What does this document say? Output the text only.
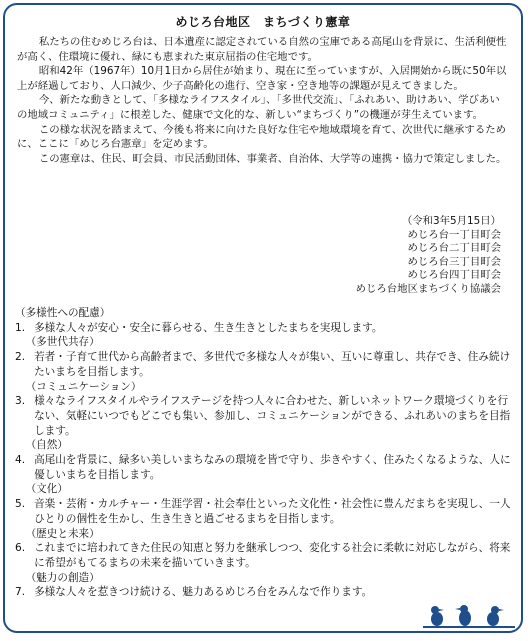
めじろ台地区　まちづくり憲章

私たちの住むめじろ台は、日本遺産に認定されている自然の宝庫である高尾山を背景に、生活利便性が高く、住環境に優れ、緑にも恵まれた東京屈指の住宅地です。

昭和42年（1967年）10月1日から居住が始まり、現在に至っていますが、入居開始から既に50年以上が経過しており、人口減少、少子高齢化の進行、空き家・空き地等の課題が見えてきました。

今、新たな動きとして、「多様なライフスタイル」、「多世代交流」、「ふれあい、助けあい、学びあいの地域コミュニティ」に根差した、健康で文化的な、新しい“まちづくり”の機運が芽生えています。

この様な状況を踏まえて、今後も将来に向けた良好な住宅や地域環境を育て、次世代に継承するために、ここに「めじろ台憲章」を定めます。

この憲章は、住民、町会員、市民活動団体、事業者、自治体、大学等の連携・協力で策定しました。

（令和3年5月15日）
めじろ台一丁目町会
めじろ台二丁目町会
めじろ台三丁目町会
めじろ台四丁目町会
めじろ台地区まちづくり協議会
（多様性への配慮）
1. 多様な人々が安心・安全に暮らせる、生き生きとしたまちを実現します。
（多世代共存）
2. 若者・子育て世代から高齢者まで、多世代で多様な人々が集い、互いに尊重し、共存でき、住み続けたいまちを目指します。
（コミュニケーション）
3. 様々なライフスタイルやライフステージを持つ人々に合わせた、新しいネットワーク環境づくりを行ない、気軽にいつでもどこでも集い、参加し、コミュニケーションができる、ふれあいのまちを目指します。
（自然）
4. 高尾山を背景に、緑多い美しいまちなみの環境を皆で守り、歩きやすく、住みたくなるような、人に優しいまちを目指します。
（文化）
5. 音楽・芸術・カルチャー・生涯学習・社会奉仕といった文化性・社会性に豊んだまちを実現し、一人ひとりの個性を生かし、生き生きと過ごせるまちを目指します。
（歴史と未来）
6. これまでに培われてきた住民の知恵と努力を継承しつつ、変化する社会に柔軟に対応しながら、将来に希望がもてるまちの未来を描いていきます。
（魅力の創造）
7. 多様な人々を惹きつけ続ける、魅力あるめじろ台をみんなで作ります。
